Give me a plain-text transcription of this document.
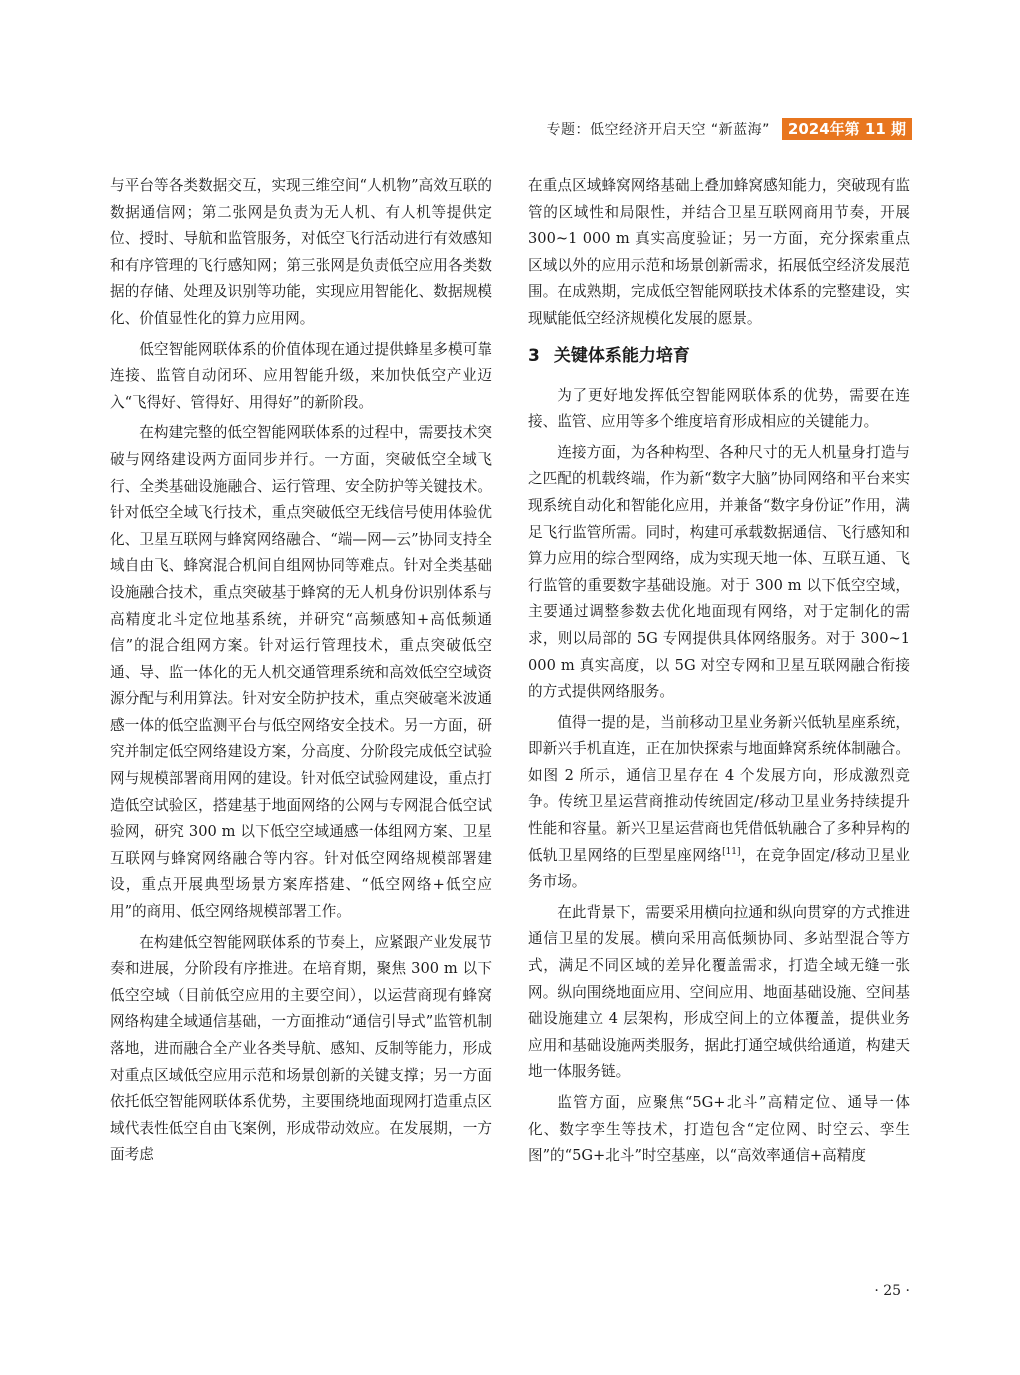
专题：低空经济开启天空 “新蓝海”	2024年第 11 期

与平台等各类数据交互，实现三维空间“人机物”高效互联的数据通信网；第二张网是负责为无人机、有人机等提供定位、授时、导航和监管服务，对低空飞行活动进行有效感知和有序管理的飞行感知网；第三张网是负责低空应用各类数据的存储、处理及识别等功能，实现应用智能化、数据规模化、价值显性化的算力应用网。

低空智能网联体系的价值体现在通过提供蜂星多模可靠连接、监管自动闭环、应用智能升级，来加快低空产业迈入“飞得好、管得好、用得好”的新阶段。

在构建完整的低空智能网联体系的过程中，需要技术突破与网络建设两方面同步并行。一方面，突破低空全域飞行、全类基础设施融合、运行管理、安全防护等关键技术。针对低空全域飞行技术，重点突破低空无线信号使用体验优化、卫星互联网与蜂窝网络融合、“端—网—云”协同支持全域自由飞、蜂窝混合机间自组网协同等难点。针对全类基础设施融合技术，重点突破基于蜂窝的无人机身份识别体系与高精度北斗定位地基系统，并研究“高频感知+高低频通信”的混合组网方案。针对运行管理技术，重点突破低空通、导、监一体化的无人机交通管理系统和高效低空空域资源分配与利用算法。针对安全防护技术，重点突破毫米波通感一体的低空监测平台与低空网络安全技术。另一方面，研究并制定低空网络建设方案，分高度、分阶段完成低空试验网与规模部署商用网的建设。针对低空试验网建设，重点打造低空试验区，搭建基于地面网络的公网与专网混合低空试验网，研究 300 m 以下低空空域通感一体组网方案、卫星互联网与蜂窝网络融合等内容。针对低空网络规模部署建设，重点开展典型场景方案库搭建、“低空网络+低空应用”的商用、低空网络规模部署工作。

在构建低空智能网联体系的节奏上，应紧跟产业发展节奏和进展，分阶段有序推进。在培育期，聚焦 300 m 以下低空空域（目前低空应用的主要空间），以运营商现有蜂窝网络构建全域通信基础，一方面推动“通信引导式”监管机制落地，进而融合全产业各类导航、感知、反制等能力，形成对重点区域低空应用示范和场景创新的关键支撑；另一方面依托低空智能网联体系优势，主要围绕地面现网打造重点区域代表性低空自由飞案例，形成带动效应。在发展期，一方面考虑

在重点区域蜂窝网络基础上叠加蜂窝感知能力，突破现有监管的区域性和局限性，并结合卫星互联网商用节奏，开展 300~1 000 m 真实高度验证；另一方面，充分探索重点区域以外的应用示范和场景创新需求，拓展低空经济发展范围。在成熟期，完成低空智能网联技术体系的完整建设，实现赋能低空经济规模化发展的愿景。

3 关键体系能力培育

为了更好地发挥低空智能网联体系的优势，需要在连接、监管、应用等多个维度培育形成相应的关键能力。

连接方面，为各种构型、各种尺寸的无人机量身打造与之匹配的机载终端，作为新“数字大脑”协同网络和平台来实现系统自动化和智能化应用，并兼备“数字身份证”作用，满足飞行监管所需。同时，构建可承载数据通信、飞行感知和算力应用的综合型网络，成为实现天地一体、互联互通、飞行监管的重要数字基础设施。对于 300 m 以下低空空域，主要通过调整参数去优化地面现有网络，对于定制化的需求，则以局部的 5G 专网提供具体网络服务。对于 300~1 000 m 真实高度，以 5G 对空专网和卫星互联网融合衔接的方式提供网络服务。

值得一提的是，当前移动卫星业务新兴低轨星座系统，即新兴手机直连，正在加快探索与地面蜂窝系统体制融合。如图 2 所示，通信卫星存在 4 个发展方向，形成激烈竞争。传统卫星运营商推动传统固定/移动卫星业务持续提升性能和容量。新兴卫星运营商也凭借低轨融合了多种异构的低轨卫星网络的巨型星座网络[11]，在竞争固定/移动卫星业务市场。

在此背景下，需要采用横向拉通和纵向贯穿的方式推进通信卫星的发展。横向采用高低频协同、多站型混合等方式，满足不同区域的差异化覆盖需求，打造全域无缝一张网。纵向围绕地面应用、空间应用、地面基础设施、空间基础设施建立 4 层架构，形成空间上的立体覆盖，提供业务应用和基础设施两类服务，据此打通空域供给通道，构建天地一体服务链。

监管方面，应聚焦“5G+北斗”高精定位、通导一体化、数字孪生等技术，打造包含“定位网、时空云、孪生图”的“5G+北斗”时空基座，以“高效率通信+高精度

· 25 ·
